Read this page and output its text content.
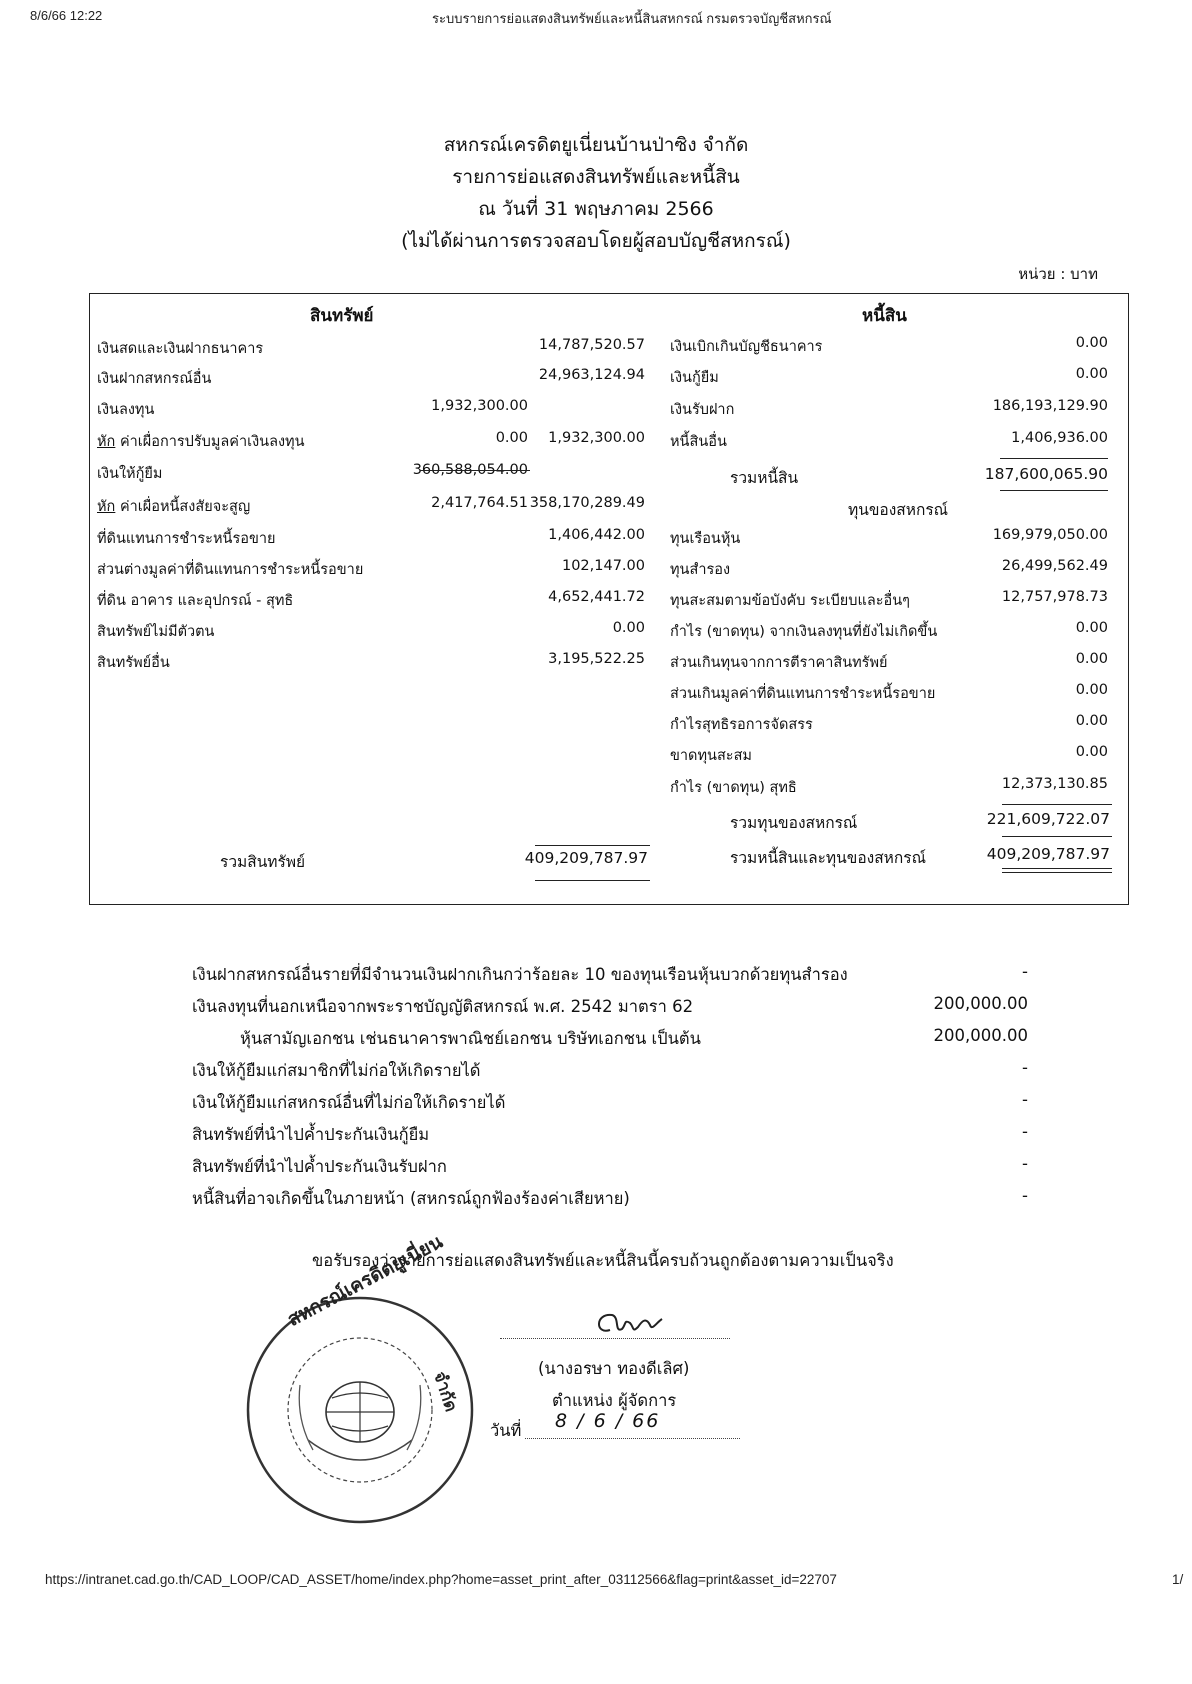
8/6/66 12:22	ระบบรายการย่อแสดงสินทรัพย์และหนี้สินสหกรณ์ กรมตรวจบัญชีสหกรณ์
สหกรณ์เครดิตยูเนี่ยนบ้านป่าซิง จำกัด
รายการย่อแสดงสินทรัพย์และหนี้สิน
ณ วันที่ 31 พฤษภาคม 2566
(ไม่ได้ผ่านการตรวจสอบโดยผู้สอบบัญชีสหกรณ์)
หน่วย : บาท
สินทรัพย์
เงินสดและเงินฝากธนาคาร	14,787,520.57
เงินฝากสหกรณ์อื่น	24,963,124.94
เงินลงทุน	1,932,300.00
หัก ค่าเผื่อการปรับมูลค่าเงินลงทุน	0.00	1,932,300.00
เงินให้กู้ยืม	360,588,054.00
หัก ค่าเผื่อหนี้สงสัยจะสูญ	2,417,764.51 358,170,289.49
ที่ดินแทนการชำระหนี้รอขาย	1,406,442.00
ส่วนต่างมูลค่าที่ดินแทนการชำระหนี้รอขาย	102,147.00
ที่ดิน อาคาร และอุปกรณ์ - สุทธิ	4,652,441.72
สินทรัพย์ไม่มีตัวตน	0.00
สินทรัพย์อื่น	3,195,522.25
รวมสินทรัพย์	409,209,787.97
หนี้สิน
เงินเบิกเกินบัญชีธนาคาร	0.00
เงินกู้ยืม	0.00
เงินรับฝาก	186,193,129.90
หนี้สินอื่น	1,406,936.00
รวมหนี้สิน	187,600,065.90
ทุนของสหกรณ์
ทุนเรือนหุ้น	169,979,050.00
ทุนสำรอง	26,499,562.49
ทุนสะสมตามข้อบังคับ ระเบียบและอื่นๆ	12,757,978.73
กำไร (ขาดทุน) จากเงินลงทุนที่ยังไม่เกิดขึ้น	0.00
ส่วนเกินทุนจากการตีราคาสินทรัพย์	0.00
ส่วนเกินมูลค่าที่ดินแทนการชำระหนี้รอขาย	0.00
กำไรสุทธิรอการจัดสรร	0.00
ขาดทุนสะสม	0.00
กำไร (ขาดทุน) สุทธิ	12,373,130.85
รวมทุนของสหกรณ์	221,609,722.07
รวมหนี้สินและทุนของสหกรณ์	409,209,787.97
เงินฝากสหกรณ์อื่นรายที่มีจำนวนเงินฝากเกินกว่าร้อยละ 10 ของทุนเรือนหุ้นบวกด้วยทุนสำรอง	-
เงินลงทุนที่นอกเหนือจากพระราชบัญญัติสหกรณ์ พ.ศ. 2542 มาตรา 62	200,000.00
หุ้นสามัญเอกชน เช่นธนาคารพาณิชย์เอกชน บริษัทเอกชน เป็นต้น	200,000.00
เงินให้กู้ยืมแก่สมาชิกที่ไม่ก่อให้เกิดรายได้	-
เงินให้กู้ยืมแก่สหกรณ์อื่นที่ไม่ก่อให้เกิดรายได้	-
สินทรัพย์ที่นำไปค้ำประกันเงินกู้ยืม	-
สินทรัพย์ที่นำไปค้ำประกันเงินรับฝาก	-
หนี้สินที่อาจเกิดขึ้นในภายหน้า (สหกรณ์ถูกฟ้องร้องค่าเสียหาย)	-
ขอรับรองว่ารายการย่อแสดงสินทรัพย์และหนี้สินนี้ครบถ้วนถูกต้องตามความเป็นจริง
สหกรณ์เครดิตยูเนี่ยน
จำกัด
(นางอรษา ทองดีเลิศ)
ตำแหน่ง ผู้จัดการ
วันที่ 8 / 6 / 66
https://intranet.cad.go.th/CAD_LOOP/CAD_ASSET/home/index.php?home=asset_print_after_03112566&flag=print&asset_id=22707	1/
